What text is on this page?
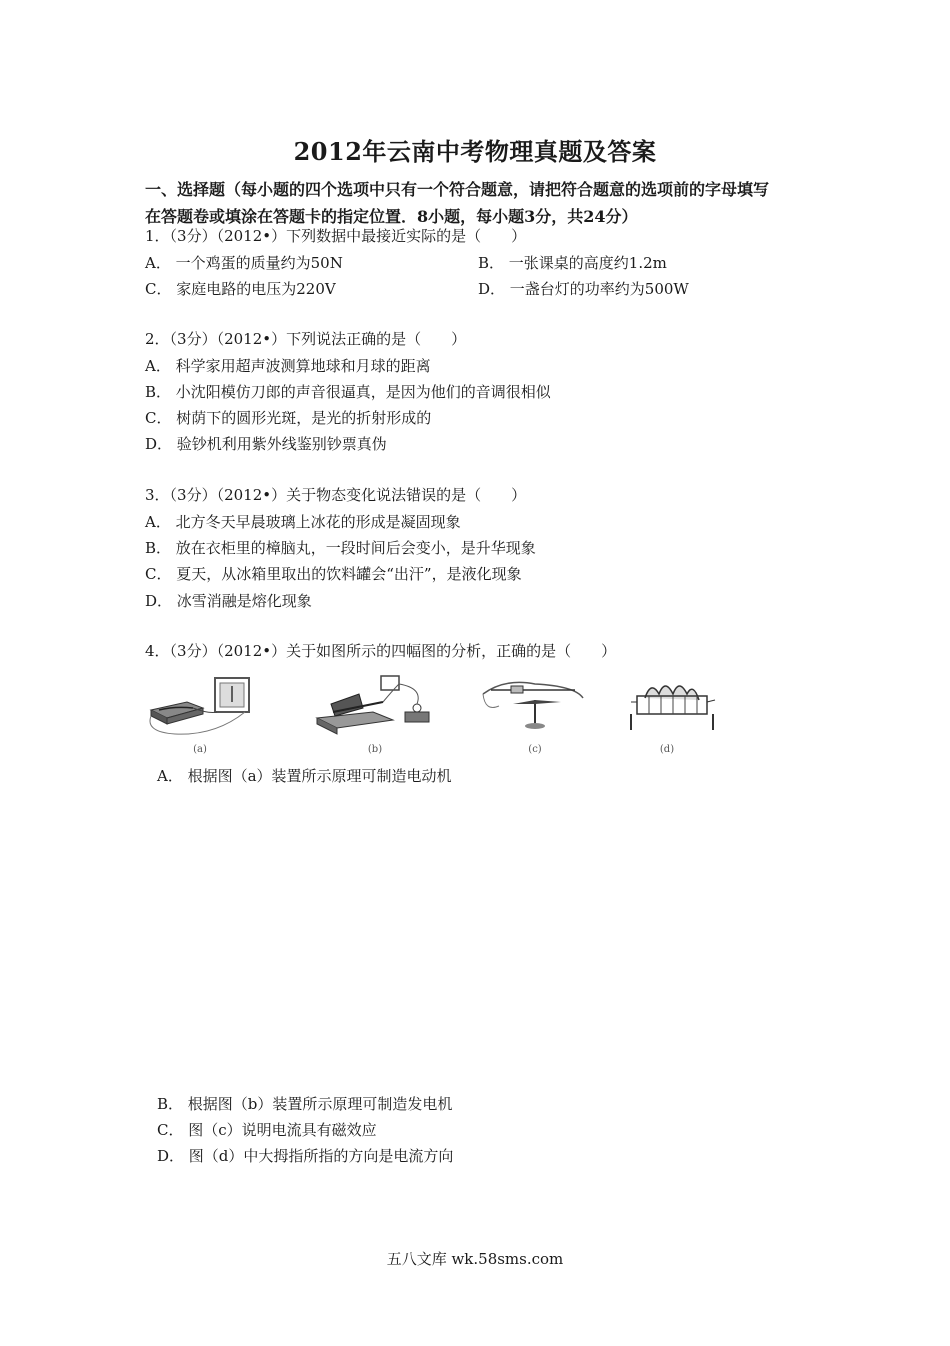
2012年云南中考物理真题及答案
一、选择题（每小题的四个选项中只有一个符合题意，请把符合题意的选项前的字母填写
在答题卷或填涂在答题卡的指定位置．8小题，每小题3分，共24分）
1．（3分）（2012•）下列数据中最接近实际的是（　　）
A． 一个鸡蛋的质量约为50N	B． 一张课桌的高度约1.2m
C． 家庭电路的电压为220V	D． 一盏台灯的功率约为500W
2．（3分）（2012•）下列说法正确的是（　　）
A． 科学家用超声波测算地球和月球的距离
B． 小沈阳模仿刀郎的声音很逼真，是因为他们的音调很相似
C． 树荫下的圆形光斑，是光的折射形成的
D． 验钞机利用紫外线鉴别钞票真伪
3．（3分）（2012•）关于物态变化说法错误的是（　　）
A． 北方冬天早晨玻璃上冰花的形成是凝固现象
B． 放在衣柜里的樟脑丸，一段时间后会变小，是升华现象
C． 夏天，从冰箱里取出的饮料罐会“出汗”，是液化现象
D． 冰雪消融是熔化现象
4．（3分）（2012•）关于如图所示的四幅图的分析，正确的是（　　）
(a)	(b)	(c)	(d)
A． 根据图（a）装置所示原理可制造电动机
B． 根据图（b）装置所示原理可制造发电机
C． 图（c）说明电流具有磁效应
D． 图（d）中大拇指所指的方向是电流方向
五八文库 wk.58sms.com
